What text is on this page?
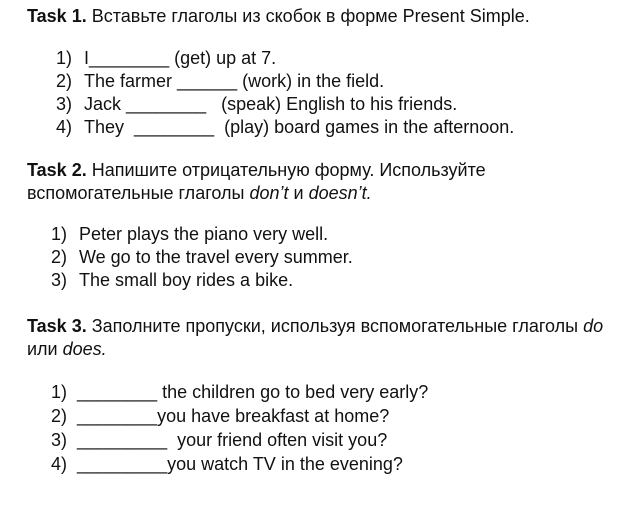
Task 1. Вставьте глаголы из скобок в форме Present Simple.

1) I________ (get) up at 7.
2) The farmer ______ (work) in the field.
3) Jack ________   (speak) English to his friends.
4) They  ________  (play) board games in the afternoon.

Task 2. Напишите отрицательную форму. Используйте вспомогательные глаголы don’t и doesn’t.

1) Peter plays the piano very well.
2) We go to the travel every summer.
3) The small boy rides a bike.

Task 3. Заполните пропуски, используя вспомогательные глаголы do или does.

1) ________ the children go to bed very early?
2) ________you have breakfast at home?
3) _________  your friend often visit you?
4) _________you watch TV in the evening?
